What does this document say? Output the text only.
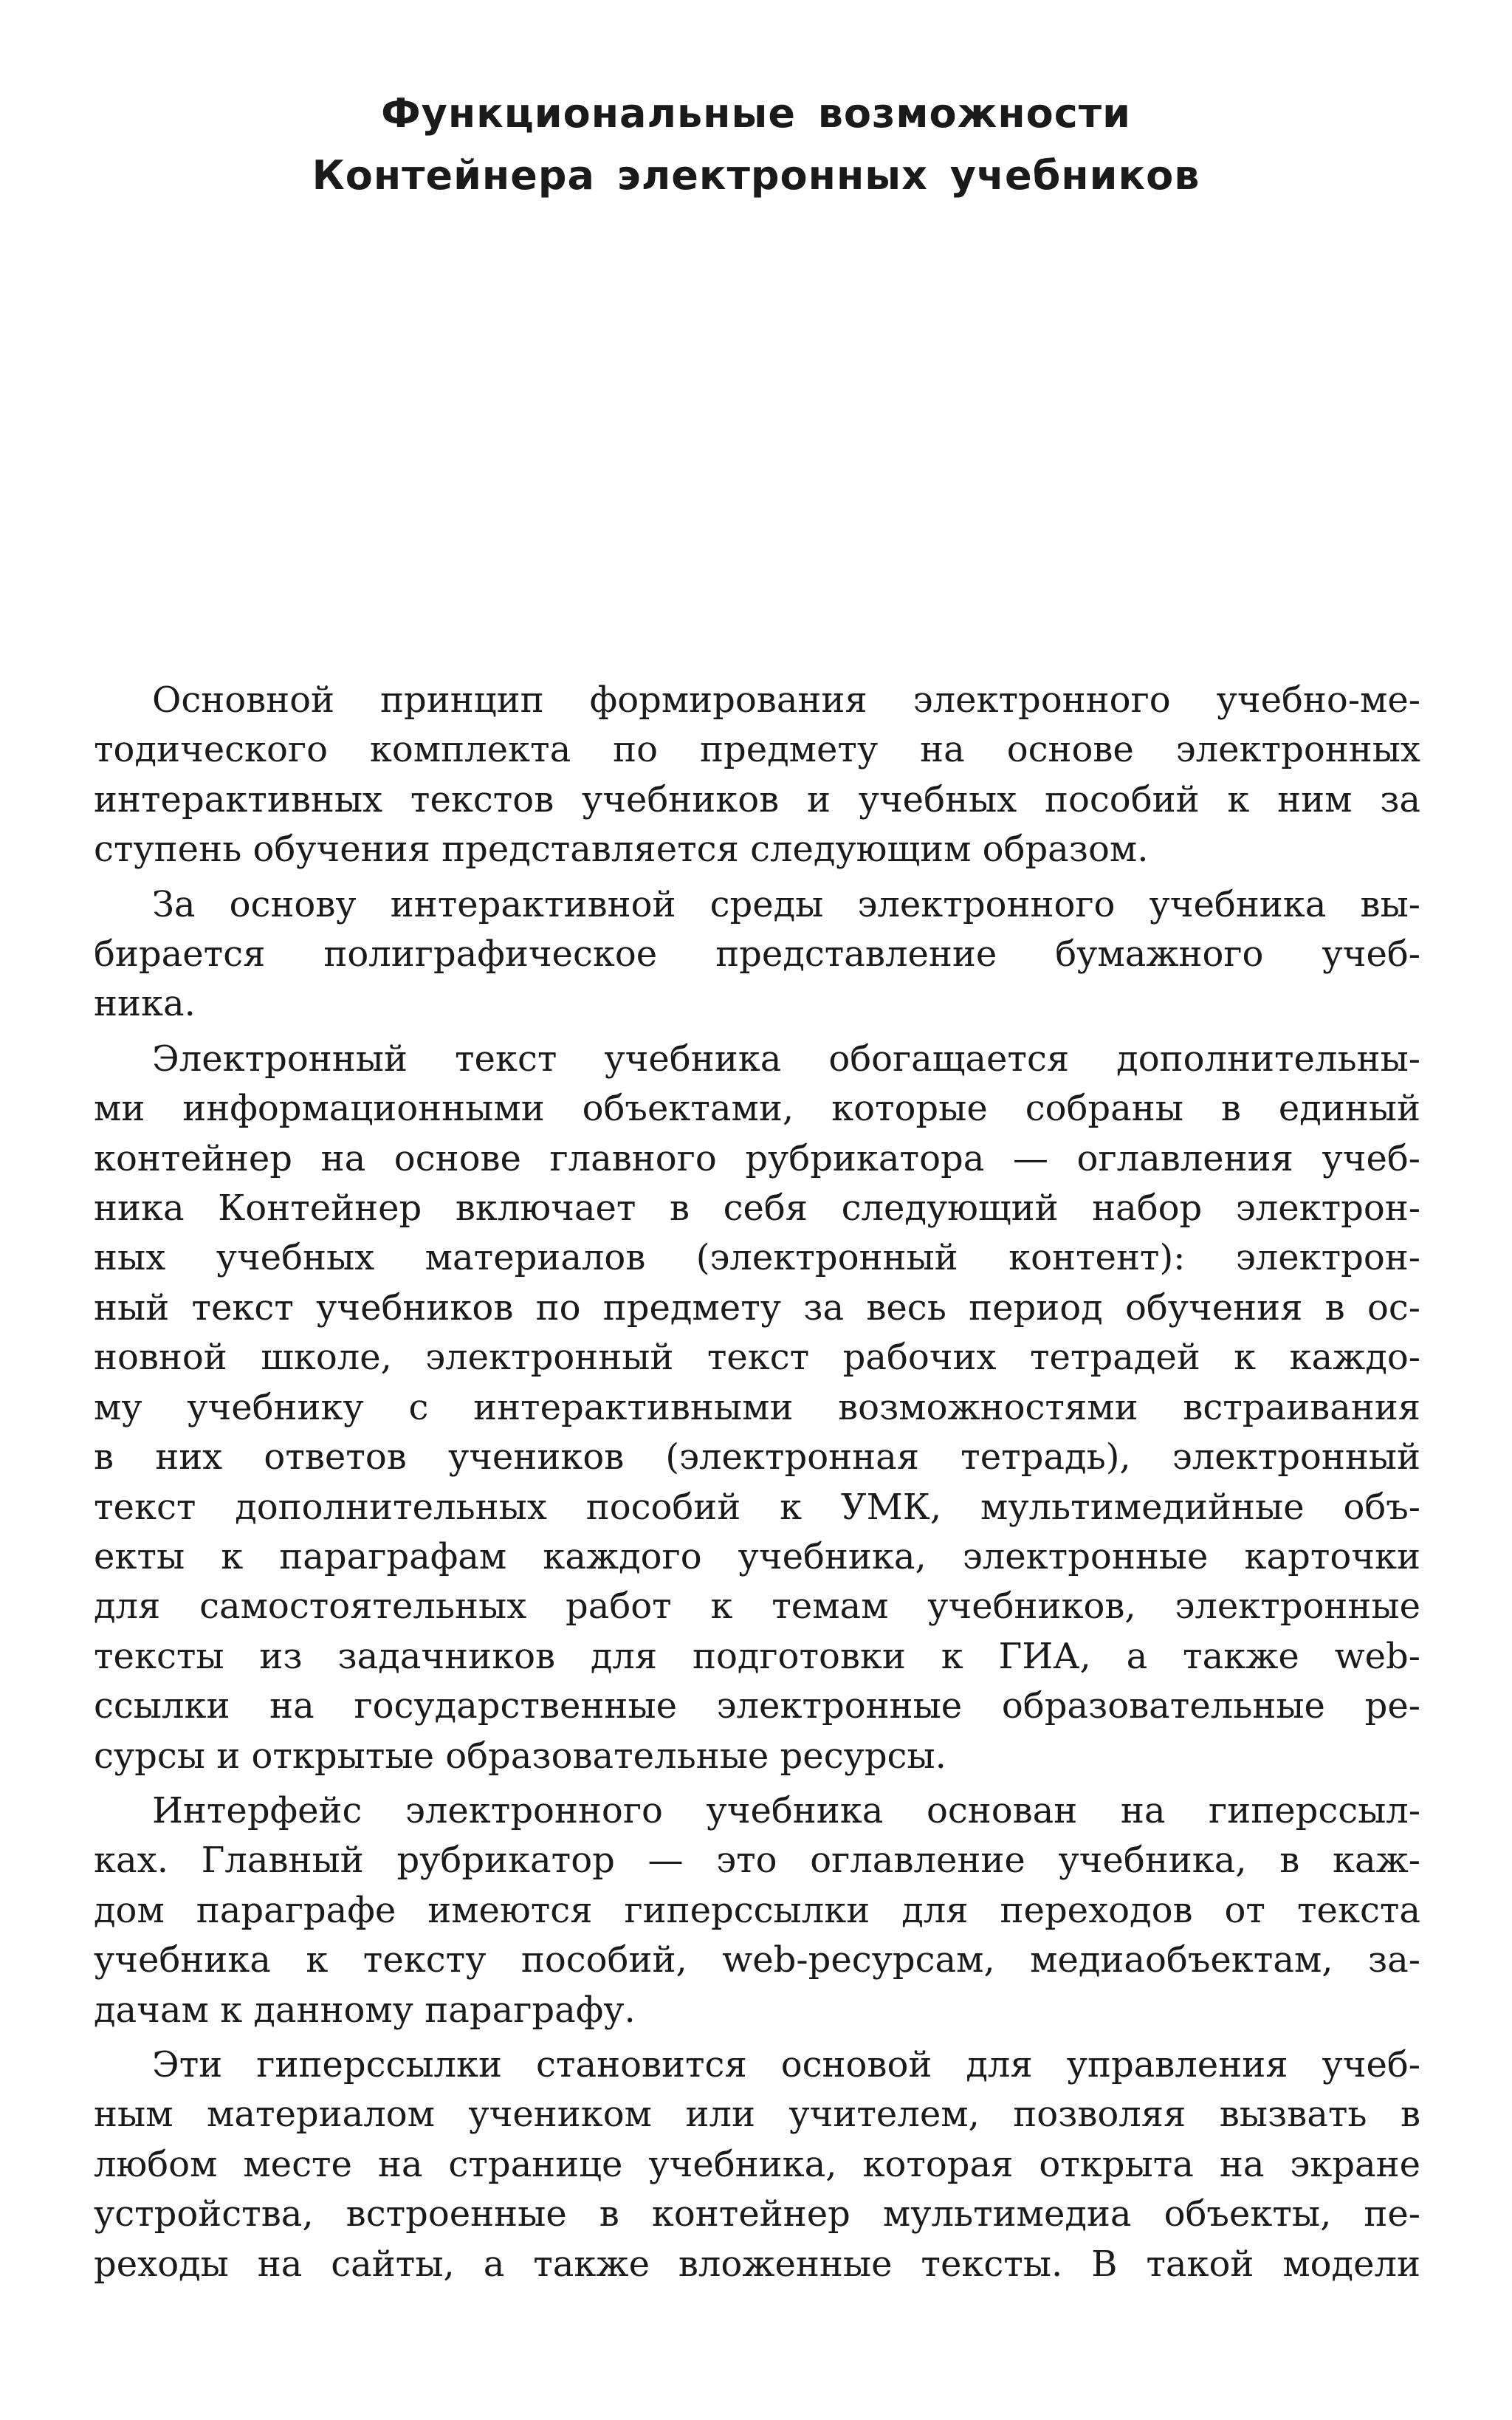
Функциональные возможности
Контейнера электронных учебников
Основной принцип формирования электронного учебно-ме-
тодического комплекта по предмету на основе электронных
интерактивных текстов учебников и учебных пособий к ним за
ступень обучения представляется следующим образом.
За основу интерактивной среды электронного учебника вы-
бирается полиграфическое представление бумажного учеб-
ника.
Электронный текст учебника обогащается дополнительны-
ми информационными объектами, которые собраны в единый
контейнер на основе главного рубрикатора — оглавления учеб-
ника Контейнер включает в себя следующий набор электрон-
ных учебных материалов (электронный контент): электрон-
ный текст учебников по предмету за весь период обучения в ос-
новной школе, электронный текст рабочих тетрадей к каждо-
му учебнику с интерактивными возможностями встраивания
в них ответов учеников (электронная тетрадь), электронный
текст дополнительных пособий к УМК, мультимедийные объ-
екты к параграфам каждого учебника, электронные карточки
для самостоятельных работ к темам учебников, электронные
тексты из задачников для подготовки к ГИА, а также web-
ссылки на государственные электронные образовательные ре-
сурсы и открытые образовательные ресурсы.
Интерфейс электронного учебника основан на гиперссыл-
ках. Главный рубрикатор — это оглавление учебника, в каж-
дом параграфе имеются гиперссылки для переходов от текста
учебника к тексту пособий, web-ресурсам, медиаобъектам, за-
дачам к данному параграфу.
Эти гиперссылки становится основой для управления учеб-
ным материалом учеником или учителем, позволяя вызвать в
любом месте на странице учебника, которая открыта на экране
устройства, встроенные в контейнер мультимедиа объекты, пе-
реходы на сайты, а также вложенные тексты. В такой модели
